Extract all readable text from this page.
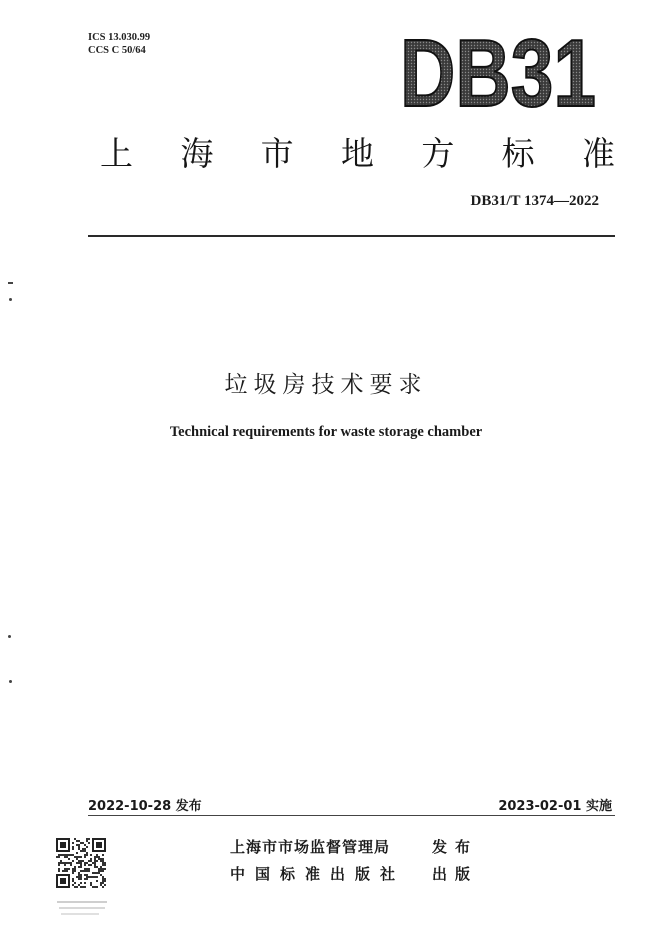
ICS 13.030.99
CCS C 50/64	DB31
上 海 市 地 方 标 准
DB31/T 1374—2022
垃圾房技术要求
Technical requirements for waste storage chamber
2022-10-28 发布	2023-02-01 实施
上海市市场监督管理局	发布
中国标准出版社 出版
